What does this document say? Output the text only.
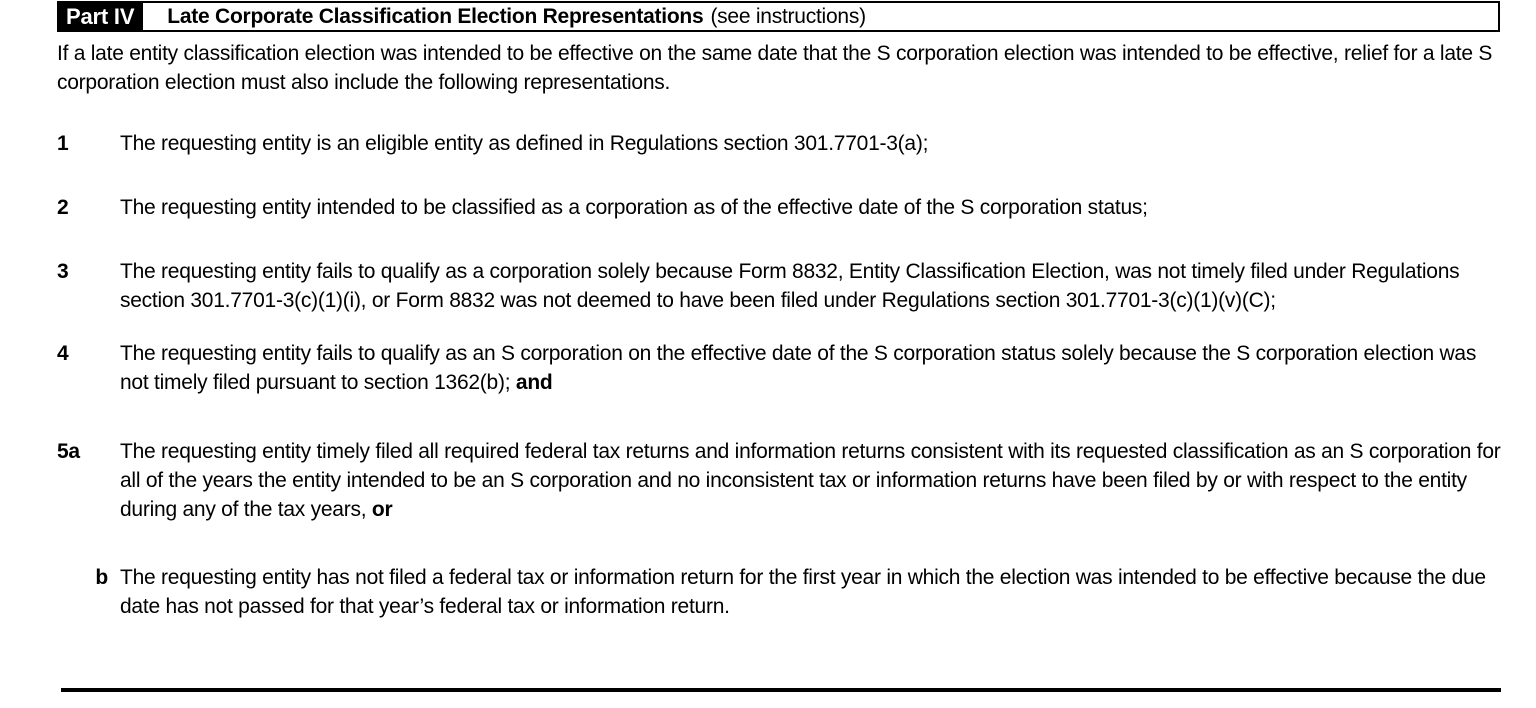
Part IV	Late Corporate Classification Election Representations (see instructions)
If a late entity classification election was intended to be effective on the same date that the S corporation election was intended to be effective, relief for a late S corporation election must also include the following representations.
1	The requesting entity is an eligible entity as defined in Regulations section 301.7701-3(a);
2	The requesting entity intended to be classified as a corporation as of the effective date of the S corporation status;
3	The requesting entity fails to qualify as a corporation solely because Form 8832, Entity Classification Election, was not timely filed under Regulations section 301.7701-3(c)(1)(i), or Form 8832 was not deemed to have been filed under Regulations section 301.7701-3(c)(1)(v)(C);
4	The requesting entity fails to qualify as an S corporation on the effective date of the S corporation status solely because the S corporation election was not timely filed pursuant to section 1362(b); and
5a	The requesting entity timely filed all required federal tax returns and information returns consistent with its requested classification as an S corporation for all of the years the entity intended to be an S corporation and no inconsistent tax or information returns have been filed by or with respect to the entity during any of the tax years, or
b The requesting entity has not filed a federal tax or information return for the first year in which the election was intended to be effective because the due date has not passed for that year’s federal tax or information return.
